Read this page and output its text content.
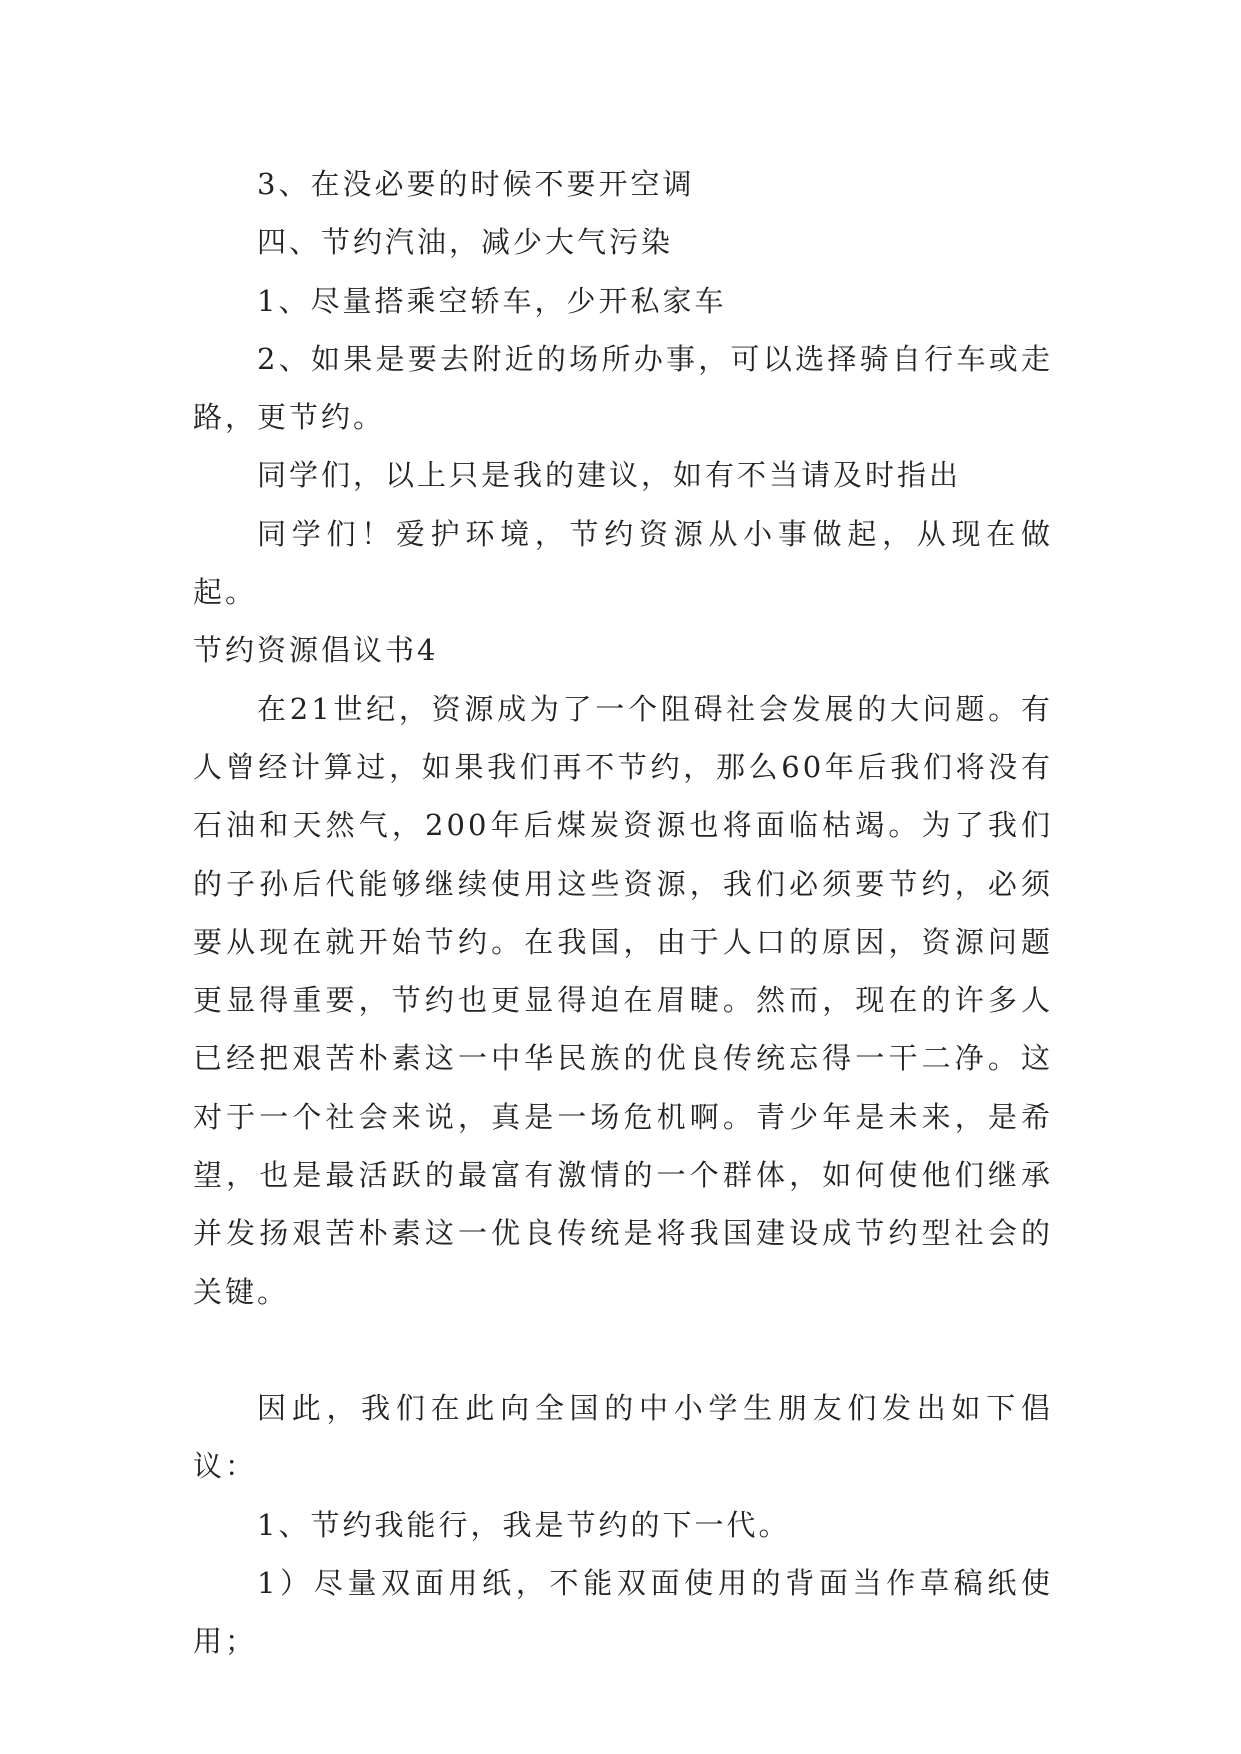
3、在没必要的时候不要开空调

四、节约汽油，减少大气污染

1、尽量搭乘空轿车，少开私家车

2、如果是要去附近的场所办事，可以选择骑自行车或走路，更节约。

同学们，以上只是我的建议，如有不当请及时指出

同学们！爱护环境，节约资源从小事做起，从现在做起。

节约资源倡议书4

在21世纪，资源成为了一个阻碍社会发展的大问题。有人曾经计算过，如果我们再不节约，那么60年后我们将没有石油和天然气，200年后煤炭资源也将面临枯竭。为了我们的子孙后代能够继续使用这些资源，我们必须要节约，必须要从现在就开始节约。在我国，由于人口的原因，资源问题更显得重要，节约也更显得迫在眉睫。然而，现在的许多人已经把艰苦朴素这一中华民族的优良传统忘得一干二净。这对于一个社会来说，真是一场危机啊。青少年是未来，是希望，也是最活跃的最富有激情的一个群体，如何使他们继承并发扬艰苦朴素这一优良传统是将我国建设成节约型社会的关键。

因此，我们在此向全国的中小学生朋友们发出如下倡议：

1、节约我能行，我是节约的下一代。

1）尽量双面用纸，不能双面使用的背面当作草稿纸使用；
